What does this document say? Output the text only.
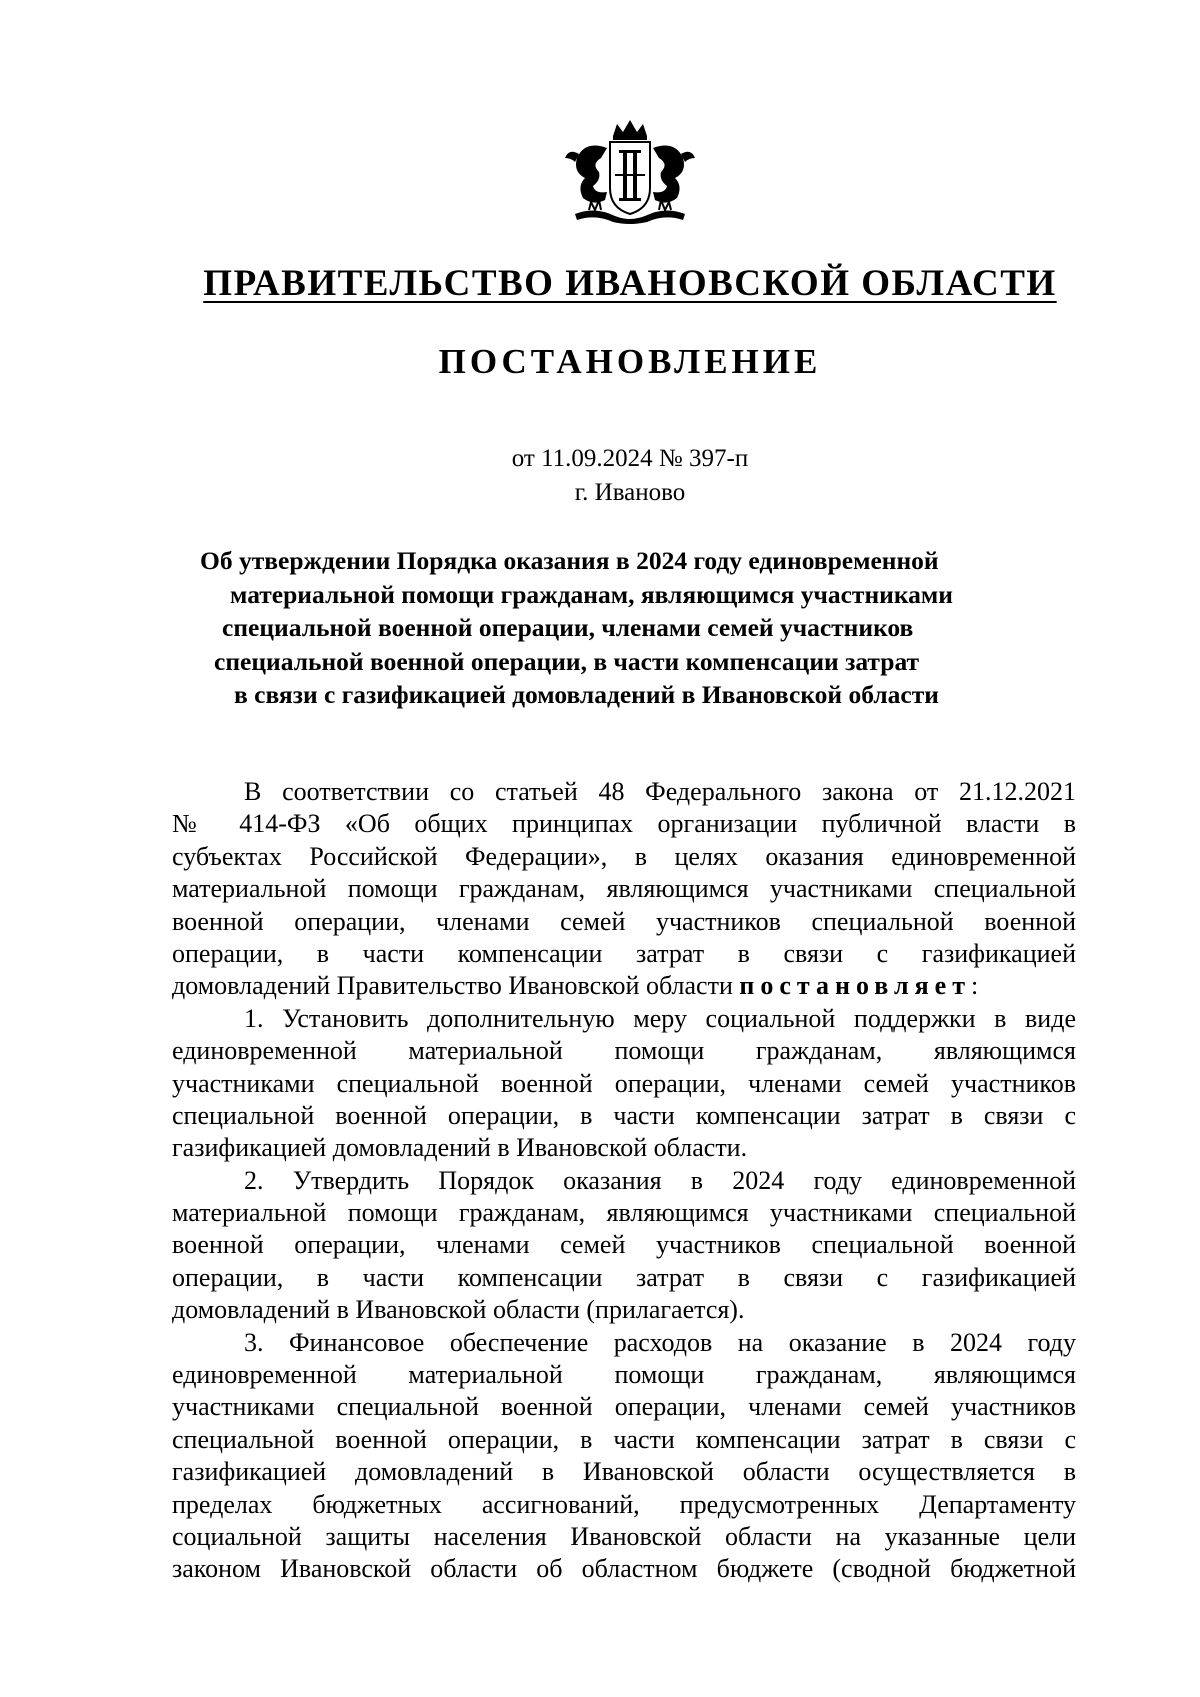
ПРАВИТЕЛЬСТВО ИВАНОВСКОЙ ОБЛАСТИ
ПОСТАНОВЛЕНИЕ
от 11.09.2024 № 397-п
г. Иваново
Об утверждении Порядка оказания в 2024 году единовременной
материальной помощи гражданам, являющимся участниками
специальной военной операции, членами семей участников
специальной военной операции, в части компенсации затрат
в связи с газификацией домовладений в Ивановской области
В соответствии со статьей 48 Федерального закона от 21.12.2021
№ 414-ФЗ «Об общих принципах организации публичной власти в
субъектах Российской Федерации», в целях оказания единовременной
материальной помощи гражданам, являющимся участниками специальной
военной операции, членами семей участников специальной военной
операции, в части компенсации затрат в связи с газификацией
домовладений Правительство Ивановской области постановляет:
1. Установить дополнительную меру социальной поддержки в виде
единовременной материальной помощи гражданам, являющимся
участниками специальной военной операции, членами семей участников
специальной военной операции, в части компенсации затрат в связи с
газификацией домовладений в Ивановской области.
2. Утвердить Порядок оказания в 2024 году единовременной
материальной помощи гражданам, являющимся участниками специальной
военной операции, членами семей участников специальной военной
операции, в части компенсации затрат в связи с газификацией
домовладений в Ивановской области (прилагается).
3. Финансовое обеспечение расходов на оказание в 2024 году
единовременной материальной помощи гражданам, являющимся
участниками специальной военной операции, членами семей участников
специальной военной операции, в части компенсации затрат в связи с
газификацией домовладений в Ивановской области осуществляется в
пределах бюджетных ассигнований, предусмотренных Департаменту
социальной защиты населения Ивановской области на указанные цели
законом Ивановской области об областном бюджете (сводной бюджетной
